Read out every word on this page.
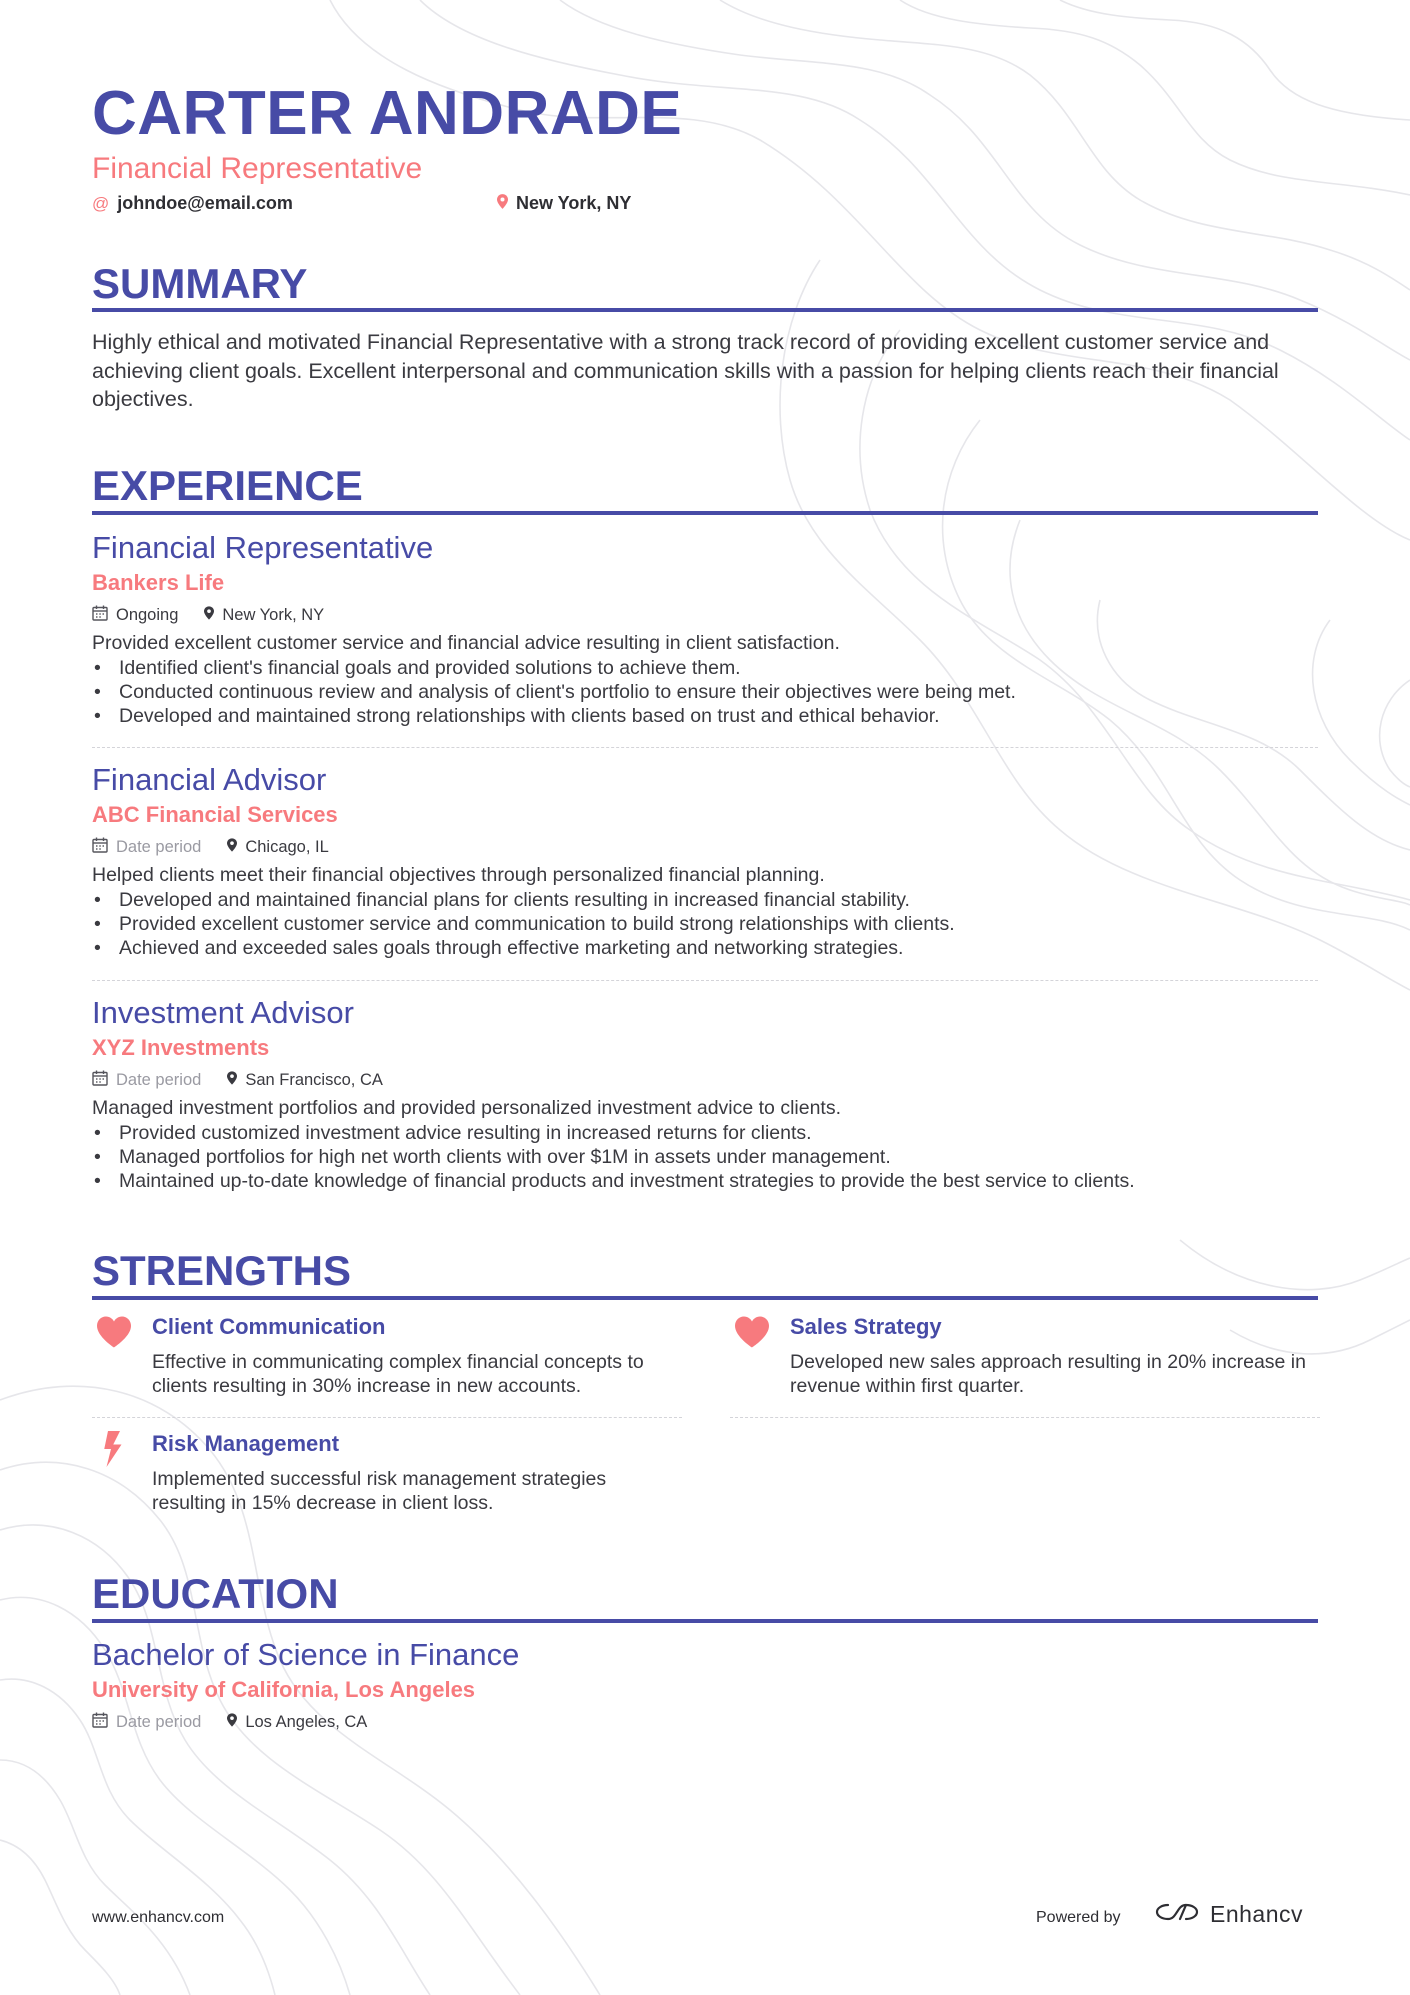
CARTER ANDRADE
Financial Representative
@ johndoe@email.com	New York, NY
SUMMARY

Highly ethical and motivated Financial Representative with a strong track record of providing excellent customer service and achieving client goals. Excellent interpersonal and communication skills with a passion for helping clients reach their financial objectives.

EXPERIENCE
Financial Representative
Bankers Life
Ongoing	New York, NY
Provided excellent customer service and financial advice resulting in client satisfaction.
• Identified client's financial goals and provided solutions to achieve them.
• Conducted continuous review and analysis of client's portfolio to ensure their objectives were being met.
• Developed and maintained strong relationships with clients based on trust and ethical behavior.
Financial Advisor
ABC Financial Services
Date period	Chicago, IL
Helped clients meet their financial objectives through personalized financial planning.
• Developed and maintained financial plans for clients resulting in increased financial stability.
• Provided excellent customer service and communication to build strong relationships with clients.
• Achieved and exceeded sales goals through effective marketing and networking strategies.
Investment Advisor
XYZ Investments
Date period	San Francisco, CA
Managed investment portfolios and provided personalized investment advice to clients.
• Provided customized investment advice resulting in increased returns for clients.
• Managed portfolios for high net worth clients with over $1M in assets under management.
• Maintained up-to-date knowledge of financial products and investment strategies to provide the best service to clients.
STRENGTHS
Client Communication
Effective in communicating complex financial concepts to clients resulting in 30% increase in new accounts.
Sales Strategy
Developed new sales approach resulting in 20% increase in revenue within first quarter.
Risk Management
Implemented successful risk management strategies resulting in 15% decrease in client loss.
EDUCATION
Bachelor of Science in Finance
University of California, Los Angeles
Date period	Los Angeles, CA
www.enhancv.com	Powered by	Enhancv
